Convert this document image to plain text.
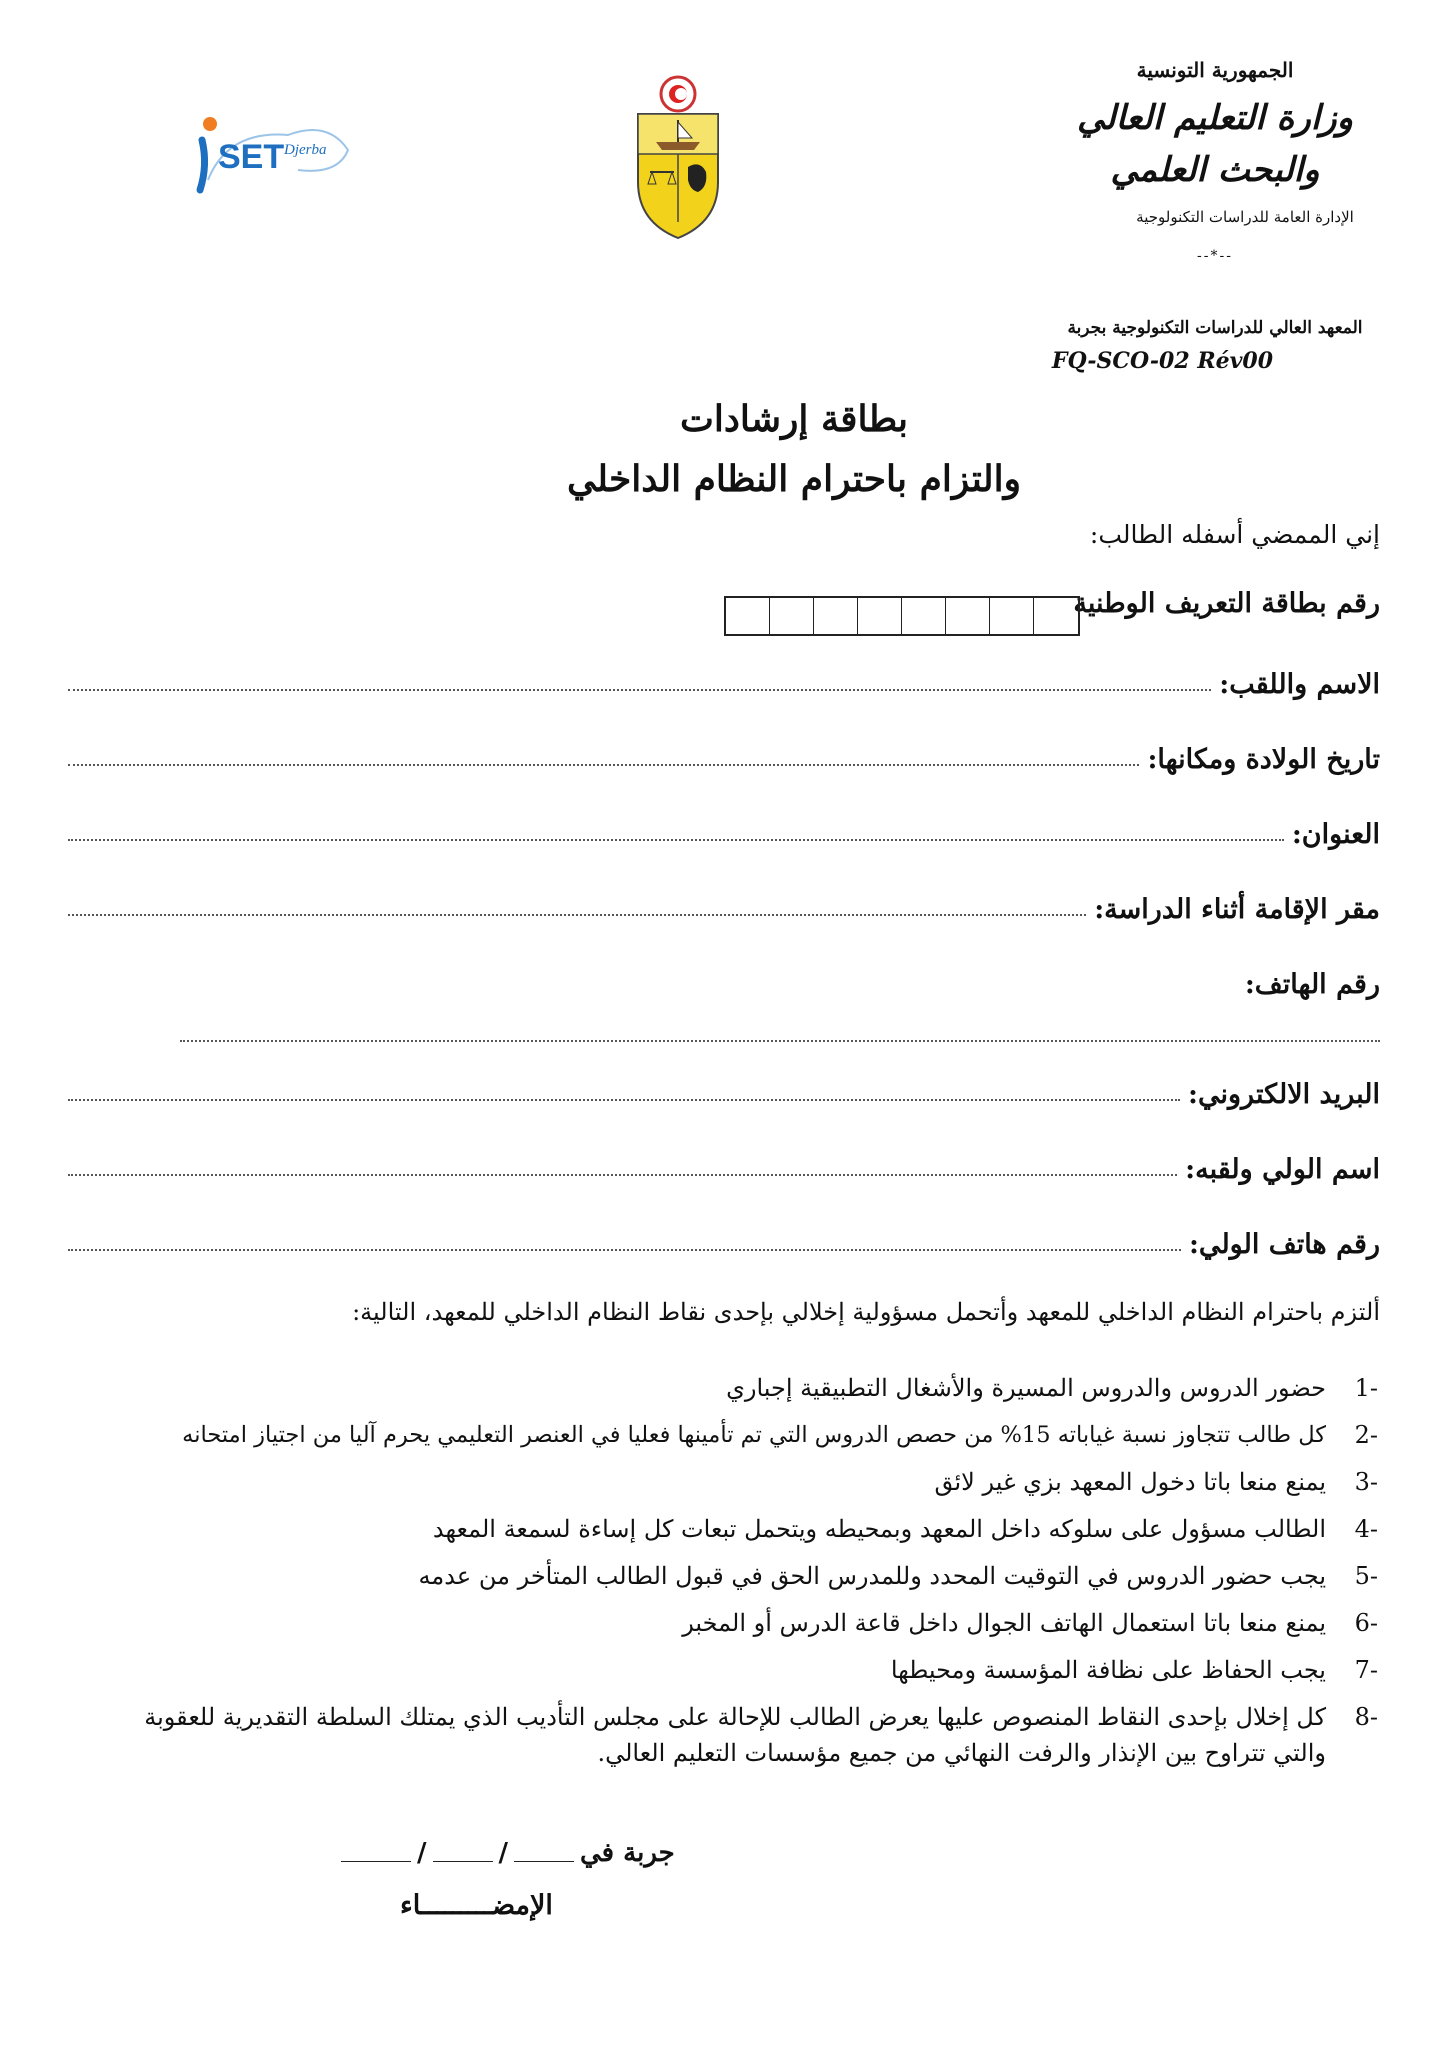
الجمهورية التونسية
وزارة التعليم العالي
والبحث العلمي
الإدارة العامة للدراسات التكنولوجية
--*--
المعهد العالي للدراسات التكنولوجية بجربة
FQ-SCO-02 Rév00
SET Djerba
بطاقة إرشادات
والتزام باحترام النظام الداخلي
إني الممضي أسفله الطالب:
رقم بطاقة التعريف الوطنية
الاسم واللقب:
تاريخ الولادة ومكانها:
العنوان:
مقر الإقامة أثناء الدراسة:
رقم الهاتف:
البريد الالكتروني:
اسم الولي ولقبه:
رقم هاتف الولي:
ألتزم باحترام النظام الداخلي للمعهد وأتحمل مسؤولية إخلالي بإحدى نقاط النظام الداخلي للمعهد، التالية:
-1
حضور الدروس والدروس المسيرة والأشغال التطبيقية إجباري
-2
كل طالب تتجاوز نسبة غياباته 15% من حصص الدروس التي تم تأمينها فعليا في العنصر التعليمي يحرم آليا من اجتياز امتحانه
-3
يمنع منعا باتا دخول المعهد بزي غير لائق
-4
الطالب مسؤول على سلوكه داخل المعهد وبمحيطه ويتحمل تبعات كل إساءة لسمعة المعهد
-5
يجب حضور الدروس في التوقيت المحدد وللمدرس الحق في قبول الطالب المتأخر من عدمه
-6
يمنع منعا باتا استعمال الهاتف الجوال داخل قاعة الدرس أو المخبر
-7
يجب الحفاظ على نظافة المؤسسة ومحيطها
-8
كل إخلال بإحدى النقاط المنصوص عليها يعرض الطالب للإحالة على مجلس التأديب الذي يمتلك السلطة التقديرية للعقوبة والتي تتراوح بين الإنذار والرفت النهائي من جميع مؤسسات التعليم العالي.
جربة في
/
/
الإمضـــــــــاء
